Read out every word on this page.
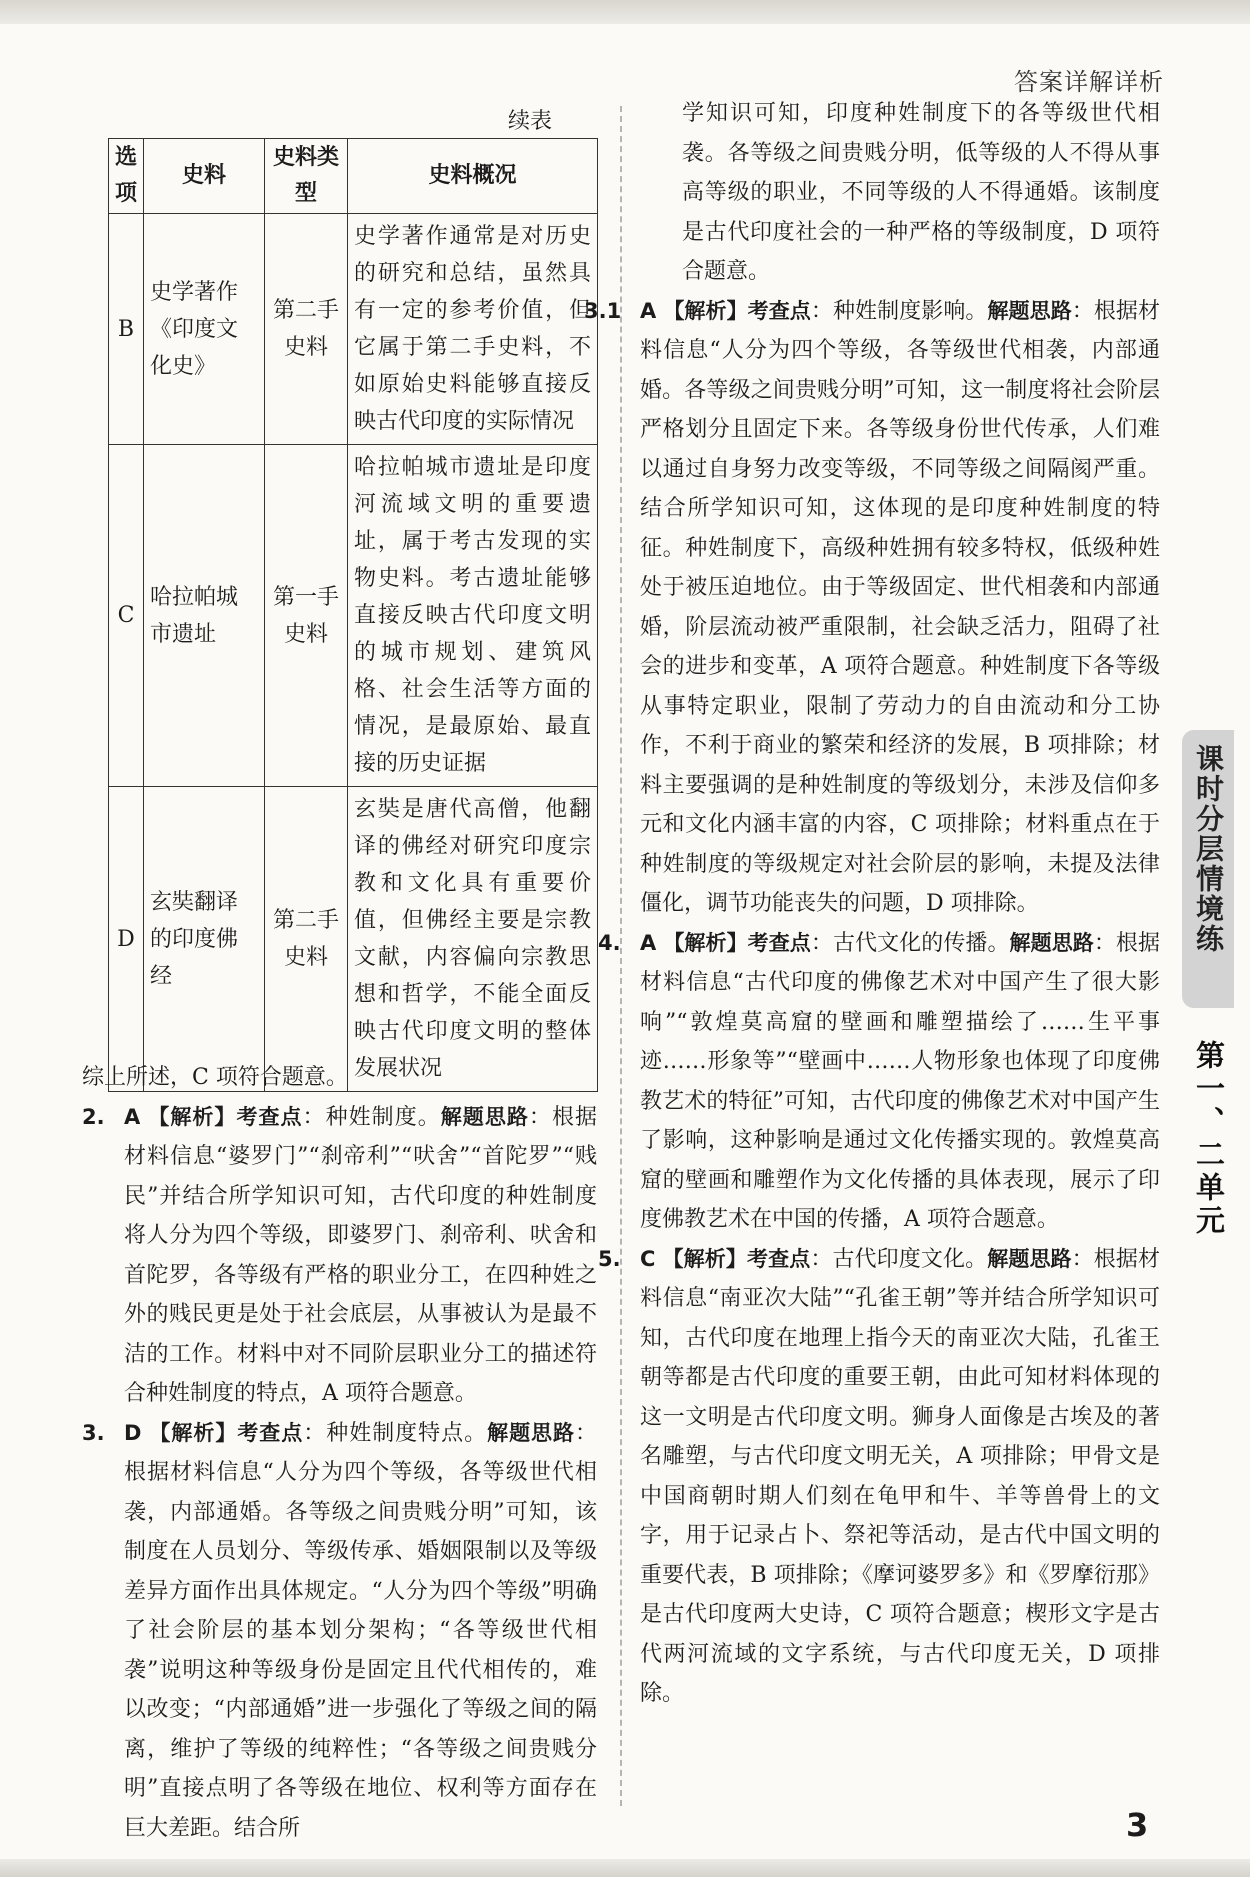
答案详解详析
续表
选项	史料	史料类型	史料概况
B	史学著作《印度文化史》	第二手史料	史学著作通常是对历史的研究和总结，虽然具有一定的参考价值，但它属于第二手史料，不如原始史料能够直接反映古代印度的实际情况
C	哈拉帕城市遗址	第一手史料	哈拉帕城市遗址是印度河流域文明的重要遗址，属于考古发现的实物史料。考古遗址能够直接反映古代印度文明的城市规划、建筑风格、社会生活等方面的情况，是最原始、最直接的历史证据
D	玄奘翻译的印度佛经	第二手史料	玄奘是唐代高僧，他翻译的佛经对研究印度宗教和文化具有重要价值，但佛经主要是宗教文献，内容偏向宗教思想和哲学，不能全面反映古代印度文明的整体发展状况

综上所述，C 项符合题意。

2. A 【解析】考查点：种姓制度。解题思路：根据材料信息“婆罗门”“刹帝利”“吠舍”“首陀罗”“贱民”并结合所学知识可知，古代印度的种姓制度将人分为四个等级，即婆罗门、刹帝利、吠舍和首陀罗，各等级有严格的职业分工，在四种姓之外的贱民更是处于社会底层，从事被认为是最不洁的工作。材料中对不同阶层职业分工的描述符合种姓制度的特点，A 项符合题意。

3. D 【解析】考查点：种姓制度特点。解题思路：根据材料信息“人分为四个等级，各等级世代相袭，内部通婚。各等级之间贵贱分明”可知，该制度在人员划分、等级传承、婚姻限制以及等级差异方面作出具体规定。“人分为四个等级”明确了社会阶层的基本划分架构；“各等级世代相袭”说明这种等级身份是固定且代代相传的，难以改变；“内部通婚”进一步强化了等级之间的隔离，维护了等级的纯粹性；“各等级之间贵贱分明”直接点明了各等级在地位、权利等方面存在巨大差距。结合所

学知识可知，印度种姓制度下的各等级世代相袭。各等级之间贵贱分明，低等级的人不得从事高等级的职业，不同等级的人不得通婚。该制度是古代印度社会的一种严格的等级制度，D 项符合题意。

3.1 A 【解析】考查点：种姓制度影响。解题思路：根据材料信息“人分为四个等级，各等级世代相袭，内部通婚。各等级之间贵贱分明”可知，这一制度将社会阶层严格划分且固定下来。各等级身份世代传承，人们难以通过自身努力改变等级，不同等级之间隔阂严重。结合所学知识可知，这体现的是印度种姓制度的特征。种姓制度下，高级种姓拥有较多特权，低级种姓处于被压迫地位。由于等级固定、世代相袭和内部通婚，阶层流动被严重限制，社会缺乏活力，阻碍了社会的进步和变革，A 项符合题意。种姓制度下各等级从事特定职业，限制了劳动力的自由流动和分工协作，不利于商业的繁荣和经济的发展，B 项排除；材料主要强调的是种姓制度的等级划分，未涉及信仰多元和文化内涵丰富的内容，C 项排除；材料重点在于种姓制度的等级规定对社会阶层的影响，未提及法律僵化，调节功能丧失的问题，D 项排除。

4. A 【解析】考查点：古代文化的传播。解题思路：根据材料信息“古代印度的佛像艺术对中国产生了很大影响”“敦煌莫高窟的壁画和雕塑描绘了……生平事迹……形象等”“壁画中……人物形象也体现了印度佛教艺术的特征”可知，古代印度的佛像艺术对中国产生了影响，这种影响是通过文化传播实现的。敦煌莫高窟的壁画和雕塑作为文化传播的具体表现，展示了印度佛教艺术在中国的传播，A 项符合题意。

5. C 【解析】考查点：古代印度文化。解题思路：根据材料信息“南亚次大陆”“孔雀王朝”等并结合所学知识可知，古代印度在地理上指今天的南亚次大陆，孔雀王朝等都是古代印度的重要王朝，由此可知材料体现的这一文明是古代印度文明。狮身人面像是古埃及的著名雕塑，与古代印度文明无关，A 项排除；甲骨文是中国商朝时期人们刻在龟甲和牛、羊等兽骨上的文字，用于记录占卜、祭祀等活动，是古代中国文明的重要代表，B 项排除；《摩诃婆罗多》和《罗摩衍那》是古代印度两大史诗，C 项符合题意；楔形文字是古代两河流域的文字系统，与古代印度无关，D 项排除。

课时分层情境练
第一、二单元
3
